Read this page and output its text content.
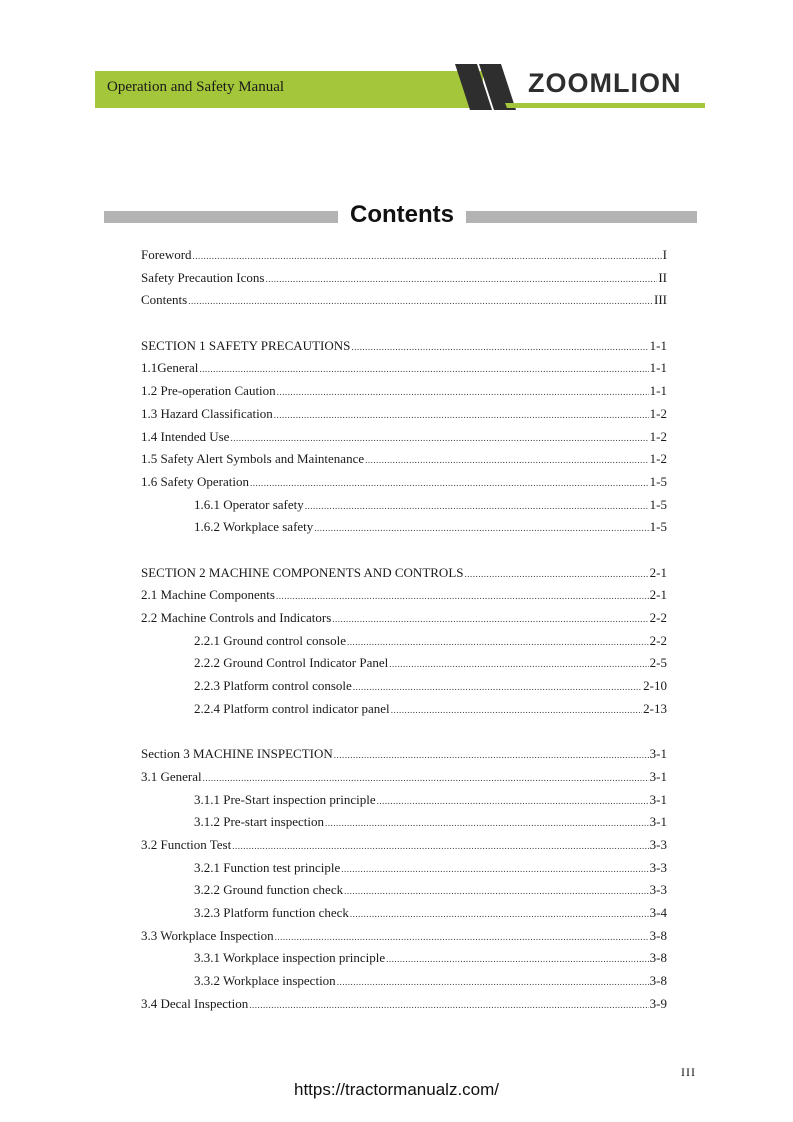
Operation and Safety Manual	ZOOMLION
Contents
Foreword .....	I
Safety Precaution Icons .....	II
Contents .....	III
SECTION 1 SAFETY PRECAUTIONS .....	1-1
1.1General .....	1-1
1.2 Pre-operation Caution .....	1-1
1.3 Hazard Classification .....	1-2
1.4 Intended Use .....	1-2
1.5 Safety Alert Symbols and Maintenance .....	1-2
1.6 Safety Operation .....	1-5
1.6.1 Operator safety .....	1-5
1.6.2 Workplace safety .....	1-5
SECTION 2 MACHINE COMPONENTS AND CONTROLS .....	2-1
2.1 Machine Components .....	2-1
2.2 Machine Controls and Indicators .....	2-2
2.2.1 Ground control console .....	2-2
2.2.2 Ground Control Indicator Panel .....	2-5
2.2.3 Platform control console .....	2-10
2.2.4 Platform control indicator panel .....	2-13
Section 3 MACHINE INSPECTION .....	3-1
3.1 General .....	3-1
3.1.1 Pre-Start inspection principle .....	3-1
3.1.2 Pre-start inspection .....	3-1
3.2 Function Test .....	3-3
3.2.1 Function test principle .....	3-3
3.2.2 Ground function check .....	3-3
3.2.3 Platform function check .....	3-4
3.3 Workplace Inspection .....	3-8
3.3.1 Workplace inspection principle .....	3-8
3.3.2 Workplace inspection .....	3-8
3.4 Decal Inspection .....	3-9
III
https://tractormanualz.com/
